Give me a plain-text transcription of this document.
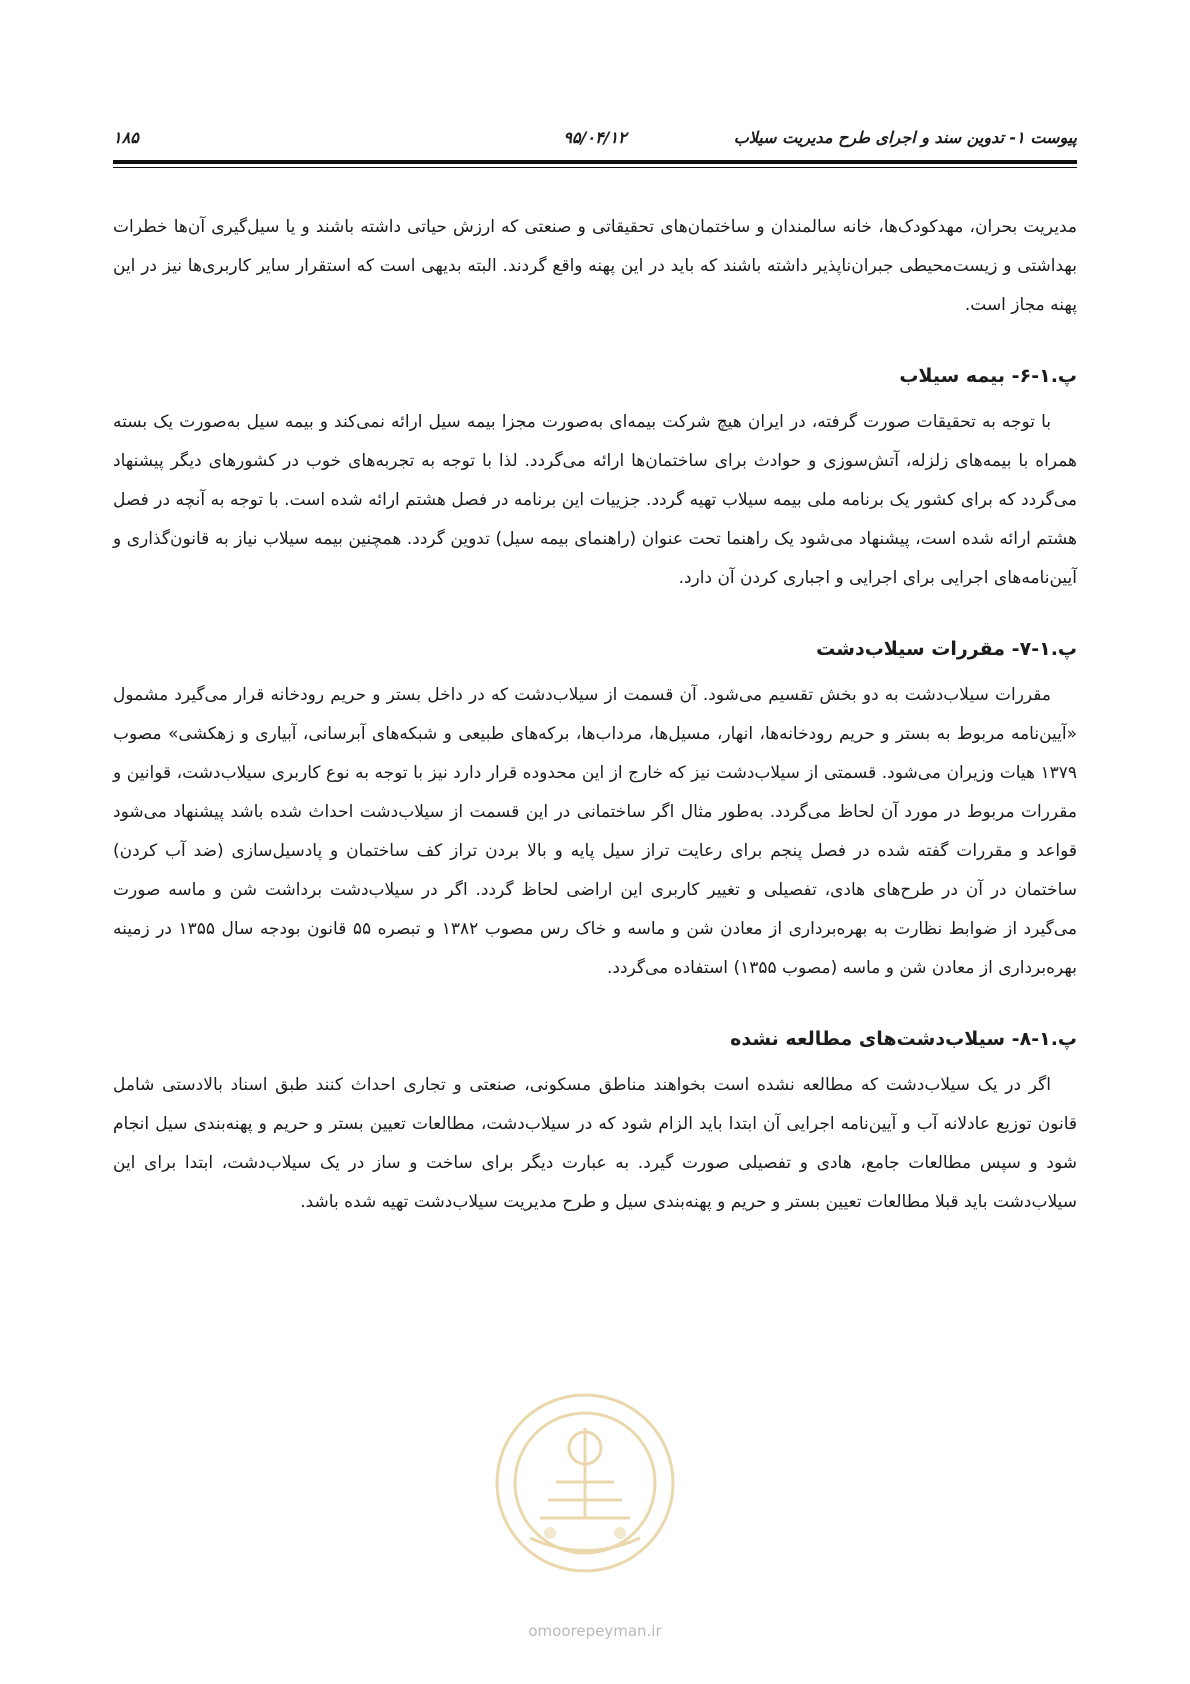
۱۸۵	۹۵/۰۴/۱۲	پیوست ۱- تدوین سند و اجرای طرح مدیریت سیلاب

مدیریت بحران، مهدکودک‌ها، خانه سالمندان و ساختمان‌های تحقیقاتی و صنعتی که ارزش حیاتی داشته باشند و یا سیل‌گیری آن‌ها خطرات بهداشتی و زیست‌محیطی جبران‌ناپذیر داشته باشند که باید در این پهنه واقع گردند. البته بدیهی است که استقرار سایر کاربری‌ها نیز در این پهنه مجاز است.

پ.۱-۶- بیمه سیلاب

با توجه به تحقیقات صورت گرفته، در ایران هیچ شرکت بیمه‌ای به‌صورت مجزا بیمه سیل ارائه نمی‌کند و بیمه سیل به‌صورت یک بسته همراه با بیمه‌های زلزله، آتش‌سوزی و حوادث برای ساختمان‌ها ارائه می‌گردد. لذا با توجه به تجربه‌های خوب در کشورهای دیگر پیشنهاد می‌گردد که برای کشور یک برنامه ملی بیمه سیلاب تهیه گردد. جزییات این برنامه در فصل هشتم ارائه شده است. با توجه به آنچه در فصل هشتم ارائه شده است، پیشنهاد می‌شود یک راهنما تحت عنوان (راهنمای بیمه سیل) تدوین گردد. همچنین بیمه سیلاب نیاز به قانون‌گذاری و آیین‌نامه‌های اجرایی برای اجرایی و اجباری کردن آن دارد.

پ.۱-۷- مقررات سیلاب‌دشت

مقررات سیلاب‌دشت به دو بخش تقسیم می‌شود. آن قسمت از سیلاب‌دشت که در داخل بستر و حریم رودخانه قرار می‌گیرد مشمول «آیین‌نامه مربوط به بستر و حریم رودخانه‌ها، انهار، مسیل‌ها، مرداب‌ها، برکه‌های طبیعی و شبکه‌های آبرسانی، آبیاری و زهکشی» مصوب ۱۳۷۹ هیات وزیران می‌شود. قسمتی از سیلاب‌دشت نیز که خارج از این محدوده قرار دارد نیز با توجه به نوع کاربری سیلاب‌دشت، قوانین و مقررات مربوط در مورد آن لحاظ می‌گردد. به‌طور مثال اگر ساختمانی در این قسمت از سیلاب‌دشت احداث شده باشد پیشنهاد می‌شود قواعد و مقررات گفته شده در فصل پنجم برای رعایت تراز سیل پایه و بالا بردن تراز کف ساختمان و پادسیل‌سازی (ضد آب کردن) ساختمان در آن در طرح‌های هادی، تفصیلی و تغییر کاربری این اراضی لحاظ گردد. اگر در سیلاب‌دشت برداشت شن و ماسه صورت می‌گیرد از ضوابط نظارت به بهره‌برداری از معادن شن و ماسه و خاک رس مصوب ۱۳۸۲ و تبصره ۵۵ قانون بودجه سال ۱۳۵۵ در زمینه بهره‌برداری از معادن شن و ماسه (مصوب ۱۳۵۵) استفاده می‌گردد.

پ.۱-۸- سیلاب‌دشت‌های مطالعه نشده

اگر در یک سیلاب‌دشت که مطالعه نشده است بخواهند مناطق مسکونی، صنعتی و تجاری احداث کنند طبق اسناد بالادستی شامل قانون توزیع عادلانه آب و آیین‌نامه اجرایی آن ابتدا باید الزام شود که در سیلاب‌دشت، مطالعات تعیین بستر و حریم و پهنه‌بندی سیل انجام شود و سپس مطالعات جامع، هادی و تفصیلی صورت گیرد. به عبارت دیگر برای ساخت و ساز در یک سیلاب‌دشت، ابتدا برای این سیلاب‌دشت باید قبلا مطالعات تعیین بستر و حریم و پهنه‌بندی سیل و طرح مدیریت سیلاب‌دشت تهیه شده باشد.

omoorepeyman.ir
